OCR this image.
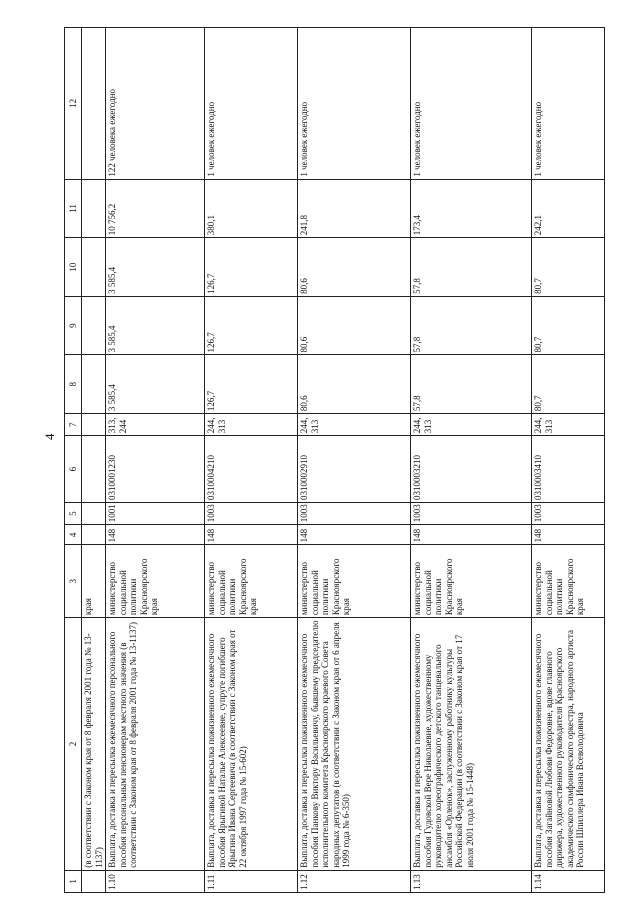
4
1	2	3	4	5	6	7	8	9	10	11	12
	(в соответствии с Законом края от 8 февраля 2001 года № 13-1137)	края									
1.10	Выплата, доставка и пересылка ежемесячного персонального пособия персональным пенсионерам местного значения (в соответствии с Законом края от 8 февраля 2001 года № 13-1137)	министерство социальной политики Красноярского края	148	1001	0310001230	313, 244	3 585,4	3 585,4	3 585,4	10 756,2	122 человека ежегодно
1.11	Выплата, доставка и пересылка пожизненного ежемесячного пособия Ярыгиной Наталье Алексеевне, супруге погибшего Ярыгина Ивана Сергеевича (в соответствии с Законом края от 22 октября 1997 года № 15-602)	министерство социальной политики Красноярского края	148	1003	0310004210	244, 313	126,7	126,7	126,7	380,1	1 человек ежегодно
1.12	Выплата, доставка и пересылка пожизненного ежемесячного пособия Панкову Виктору Васильевичу, бывшему председателю исполнительного комитета Красноярского краевого Совета народных депутатов (в соответствии с Законом края от 6 апреля 1999 года № 6-350)	министерство социальной политики Красноярского края	148	1003	0310002910	244, 313	80,6	80,6	80,6	241,8	1 человек ежегодно
1.13	Выплата, доставка и пересылка пожизненного ежемесячного пособия Гудовской Вере Николаевне, художественному руководителю хореографического детского танцевального ансамбля «Орленок», заслуженному работнику культуры Российской Федерации (в соответствии с Законом края от 17 июля 2001 года № 15-1448)	министерство социальной политики Красноярского края	148	1003	0310003210	244, 313	57,8	57,8	57,8	173,4	1 человек ежегодно
1.14	Выплата, доставка и пересылка пожизненного ежемесячного пособия Загайновой Любови Федоровне, вдове главного дирижера, художественного руководителя Красноярского академического симфонического оркестра, народного артиста России Шпиллера Ивана Всеволодовича	министерство социальной политики Красноярского края	148	1003	0310003410	244, 313	80,7	80,7	80,7	242,1	1 человек ежегодно
